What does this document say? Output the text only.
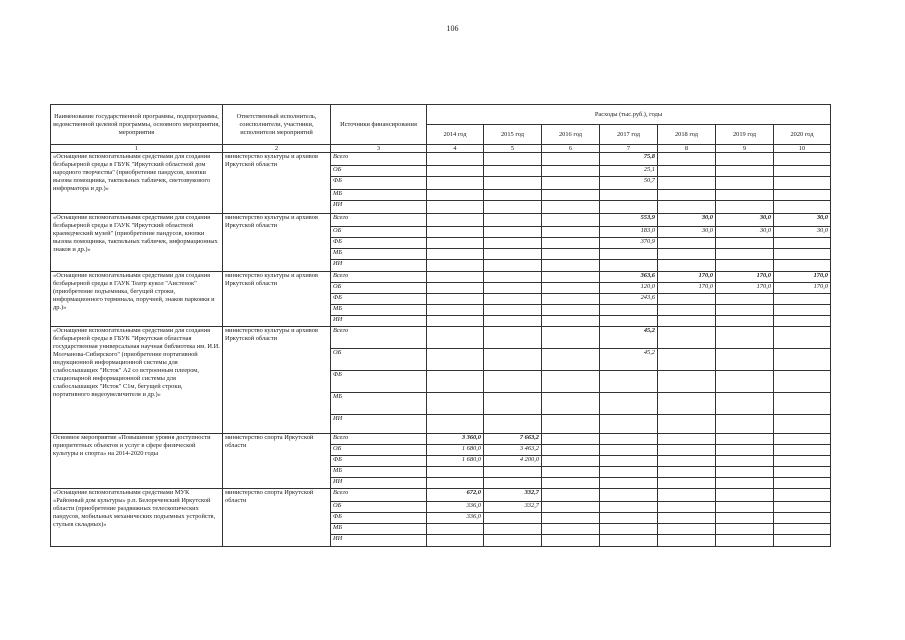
106
Наименование государственной программы, подпрограммы, ведомственной целевой программы, основного мероприятия, мероприятия	Ответственный исполнитель, соисполнители, участники, исполнители мероприятий	Источники финансирования	Расходы (тыс.руб.), годы						
			2014 год	2015 год	2016 год	2017 год	2018 год	2019 год	2020 год
1	2	3	4	5	6	7	8	9	10
«Оснащение вспомогательными средствами для создания безбарьерной среды в ГБУК "Иркутский областной дом народного творчества" (приобретение пандусов, кнопки вызова помощника, тактильных табличек, светозвукового информатора и др.)»	министерство культуры и архивов Иркутской области	Всего				75,8			
		ОБ				25,1			
		ФБ				50,7			
		МБ							
		ИИ							
«Оснащение вспомогательными средствами для создания безбарьерной среды в ГАУК "Иркутский областной краеведческий музей" (приобретение пандусов, кнопки вызова помощника, тактильных табличек, информационных знаков и др.)»	министерство культуры и архивов Иркутской области	Всего				553,9	30,0	30,0	30,0
		ОБ				183,0	30,0	30,0	30,0
		ФБ				370,9			
		МБ							
		ИИ							
«Оснащение вспомогательными средствами для создания безбарьерной среды в ГАУК Театр кукол "Аистенок"(приобретение подъемника, бегущей строки, информационного терминала, поручней, знаков парковки и др.)»	министерство культуры и архивов Иркутской области	Всего				363,6	170,0	170,0	170,0
		ОБ				120,0	170,0	170,0	170,0
		ФБ				243,6			
		МБ							
		ИИ							
«Оснащение вспомогательными средствами для создания безбарьерной среды в ГБУК "Иркутская областная государственная универсальная научная библиотека им. И.И. Молчанова-Сибирского" (приобретение портативной индукционной информационной системы для слабослышащих "Исток" А2 со встроенным плеером, стационарной информационной системы для слабослышащих "Исток" С1м, бегущей строки, портативного видеоувеличителя и др.)»	министерство культуры и архивов Иркутской области	Всего				45,2			
		ОБ				45,2			
		ФБ							
		МБ							
		ИИ							
Основное мероприятие «Повышение уровня доступности приоритетных объектов и услуг в сфере физической культуры и спорта» на 2014-2020 годы	министерство спорта Иркутской области	Всего	3 360,0	7 663,2					
		ОБ	1 680,0	3 463,2					
		ФБ	1 680,0	4 200,0					
		МБ							
		ИИ							
«Оснащение вспомогательными средствами МУК «Районный дом культуры» р.п. Белореченский Иркутской области (приобретение раздвижных телескопических пандусов, мобильных механических подъемных устройств, стульев складных)»	министерство спорта Иркутской области	Всего	672,0	332,7					
		ОБ	336,0	332,7					
		ФБ	336,0						
		МБ							
		ИИ							
